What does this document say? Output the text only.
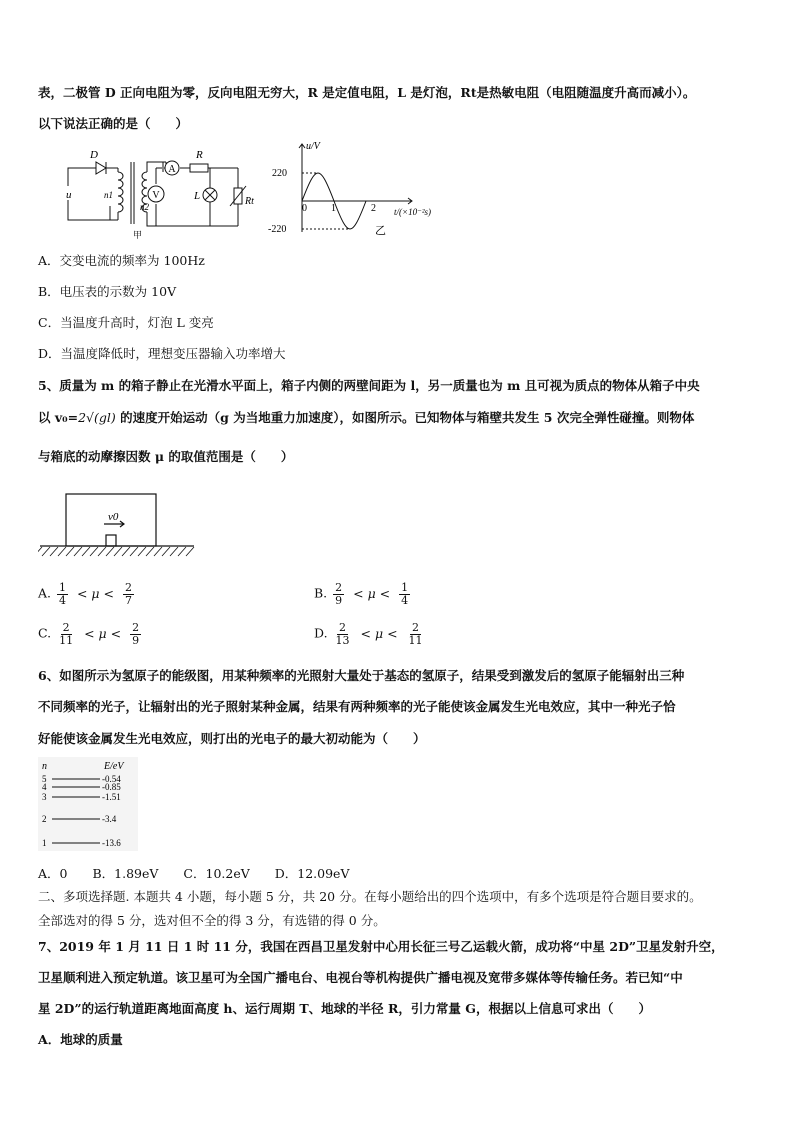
表，二极管 D 正向电阻为零，反向电阻无穷大，R 是定值电阻，L 是灯泡，Rt是热敏电阻（电阻随温度升高而减小）。
以下说法正确的是（　　）
A
V
D	R
u	n1
n2
L	Rt
甲
u/V
220
-220
0 1	2 t/(×10⁻²s)
乙
A．交变电流的频率为 100Hz
B．电压表的示数为 10V
C．当温度升高时，灯泡 L 变亮
D．当温度降低时，理想变压器输入功率增大
5、质量为 m 的箱子静止在光滑水平面上，箱子内侧的两壁间距为 l，另一质量也为 m 且可视为质点的物体从箱子中央
以 v₀=2√(gl) 的速度开始运动（g 为当地重力加速度），如图所示。已知物体与箱壁共发生 5 次完全弹性碰撞。则物体
与箱底的动摩擦因数 μ 的取值范围是（　　）
v0
A. $\frac{1}{4} < \mu < \frac{2}{7}$	B. $\frac{2}{9} < \mu < \frac{1}{4}$
C. $\frac{2}{11} < \mu < \frac{2}{9}$	D. $\frac{2}{13} < \mu < \frac{2}{11}$
6、如图所示为氢原子的能级图，用某种频率的光照射大量处于基态的氢原子，结果受到激发后的氢原子能辐射出三种
不同频率的光子，让辐射出的光子照射某种金属，结果有两种频率的光子能使该金属发生光电效应，其中一种光子恰
好能使该金属发生光电效应，则打出的光电子的最大初动能为（　　）
n	E/eV
5	-0.54
4	-0.85
3	-1.51
2	-3.4
1	-13.6
A．0　　B．1.89eV　　C．10.2eV　　D．12.09eV
二、多项选择题. 本题共 4 小题，每小题 5 分，共 20 分。在每小题给出的四个选项中，有多个选项是符合题目要求的。
全部选对的得 5 分，选对但不全的得 3 分，有选错的得 0 分。
7、2019 年 1 月 11 日 1 时 11 分，我国在西昌卫星发射中心用长征三号乙运载火箭，成功将“中星 2D”卫星发射升空，
卫星顺利进入预定轨道。该卫星可为全国广播电台、电视台等机构提供广播电视及宽带多媒体等传输任务。若已知“中
星 2D”的运行轨道距离地面高度 h、运行周期 T、地球的半径 R，引力常量 G，根据以上信息可求出（　　）
A．地球的质量
